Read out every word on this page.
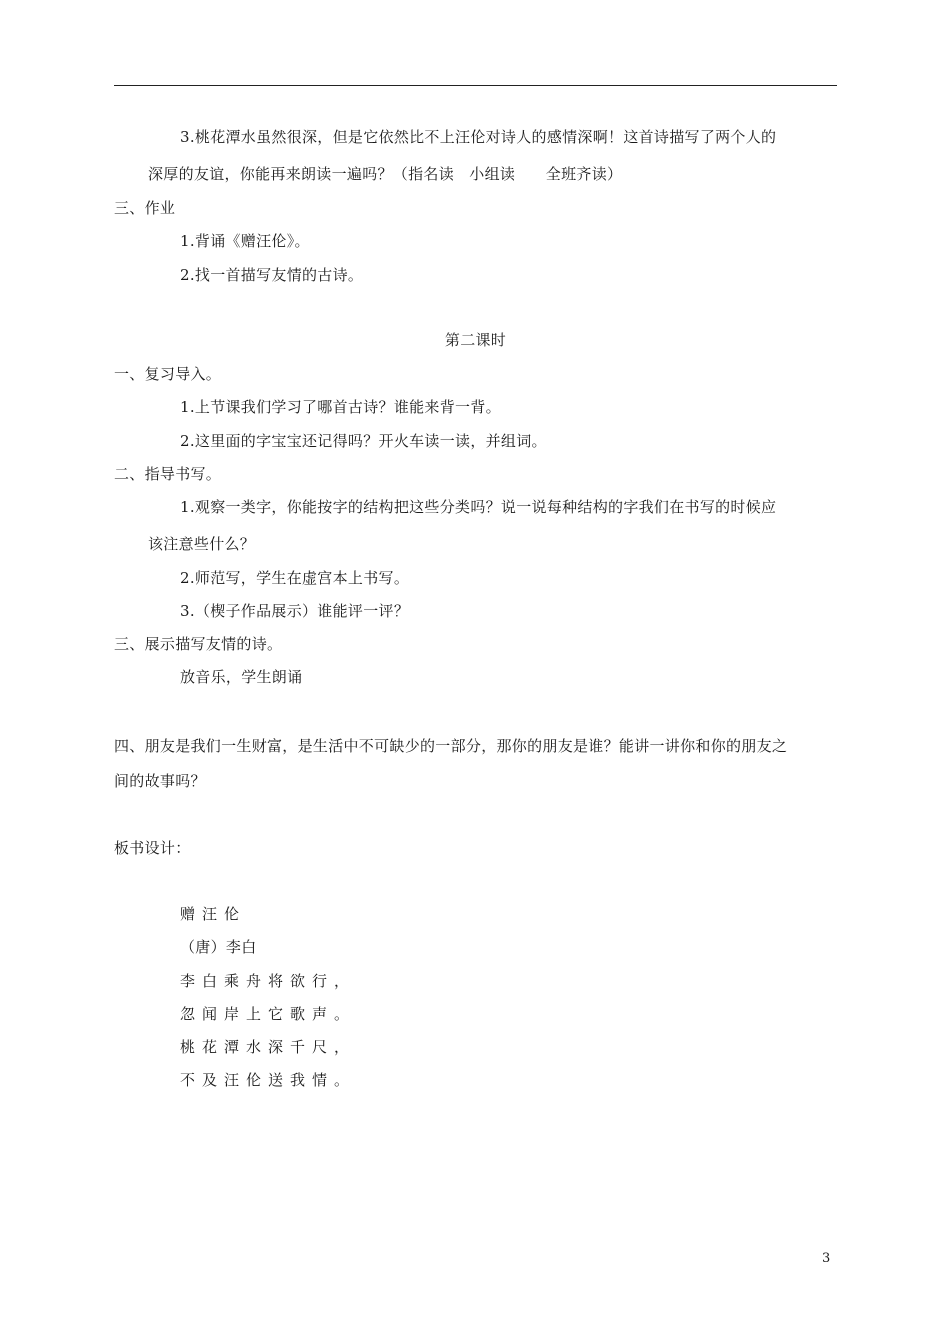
3.桃花潭水虽然很深，但是它依然比不上汪伦对诗人的感情深啊！这首诗描写了两个人的
深厚的友谊，你能再来朗读一遍吗？（指名读　小组读　　全班齐读）
三、作业
1.背诵《赠汪伦》。
2.找一首描写友情的古诗。
第二课时
一、复习导入。
1.上节课我们学习了哪首古诗？谁能来背一背。
2.这里面的字宝宝还记得吗？开火车读一读，并组词。
二、指导书写。
1.观察一类字，你能按字的结构把这些分类吗？说一说每种结构的字我们在书写的时候应
该注意些什么？
2.师范写，学生在虚宫本上书写。
3.（楔子作品展示）谁能评一评？
三、展示描写友情的诗。
放音乐，学生朗诵
四、朋友是我们一生财富，是生活中不可缺少的一部分，那你的朋友是谁？能讲一讲你和你的朋友之
间的故事吗？
板书设计：
赠汪伦
（唐）李白
李白乘舟将欲行，
忽闻岸上它歌声。
桃花潭水深千尺，
不及汪伦送我情。
3
